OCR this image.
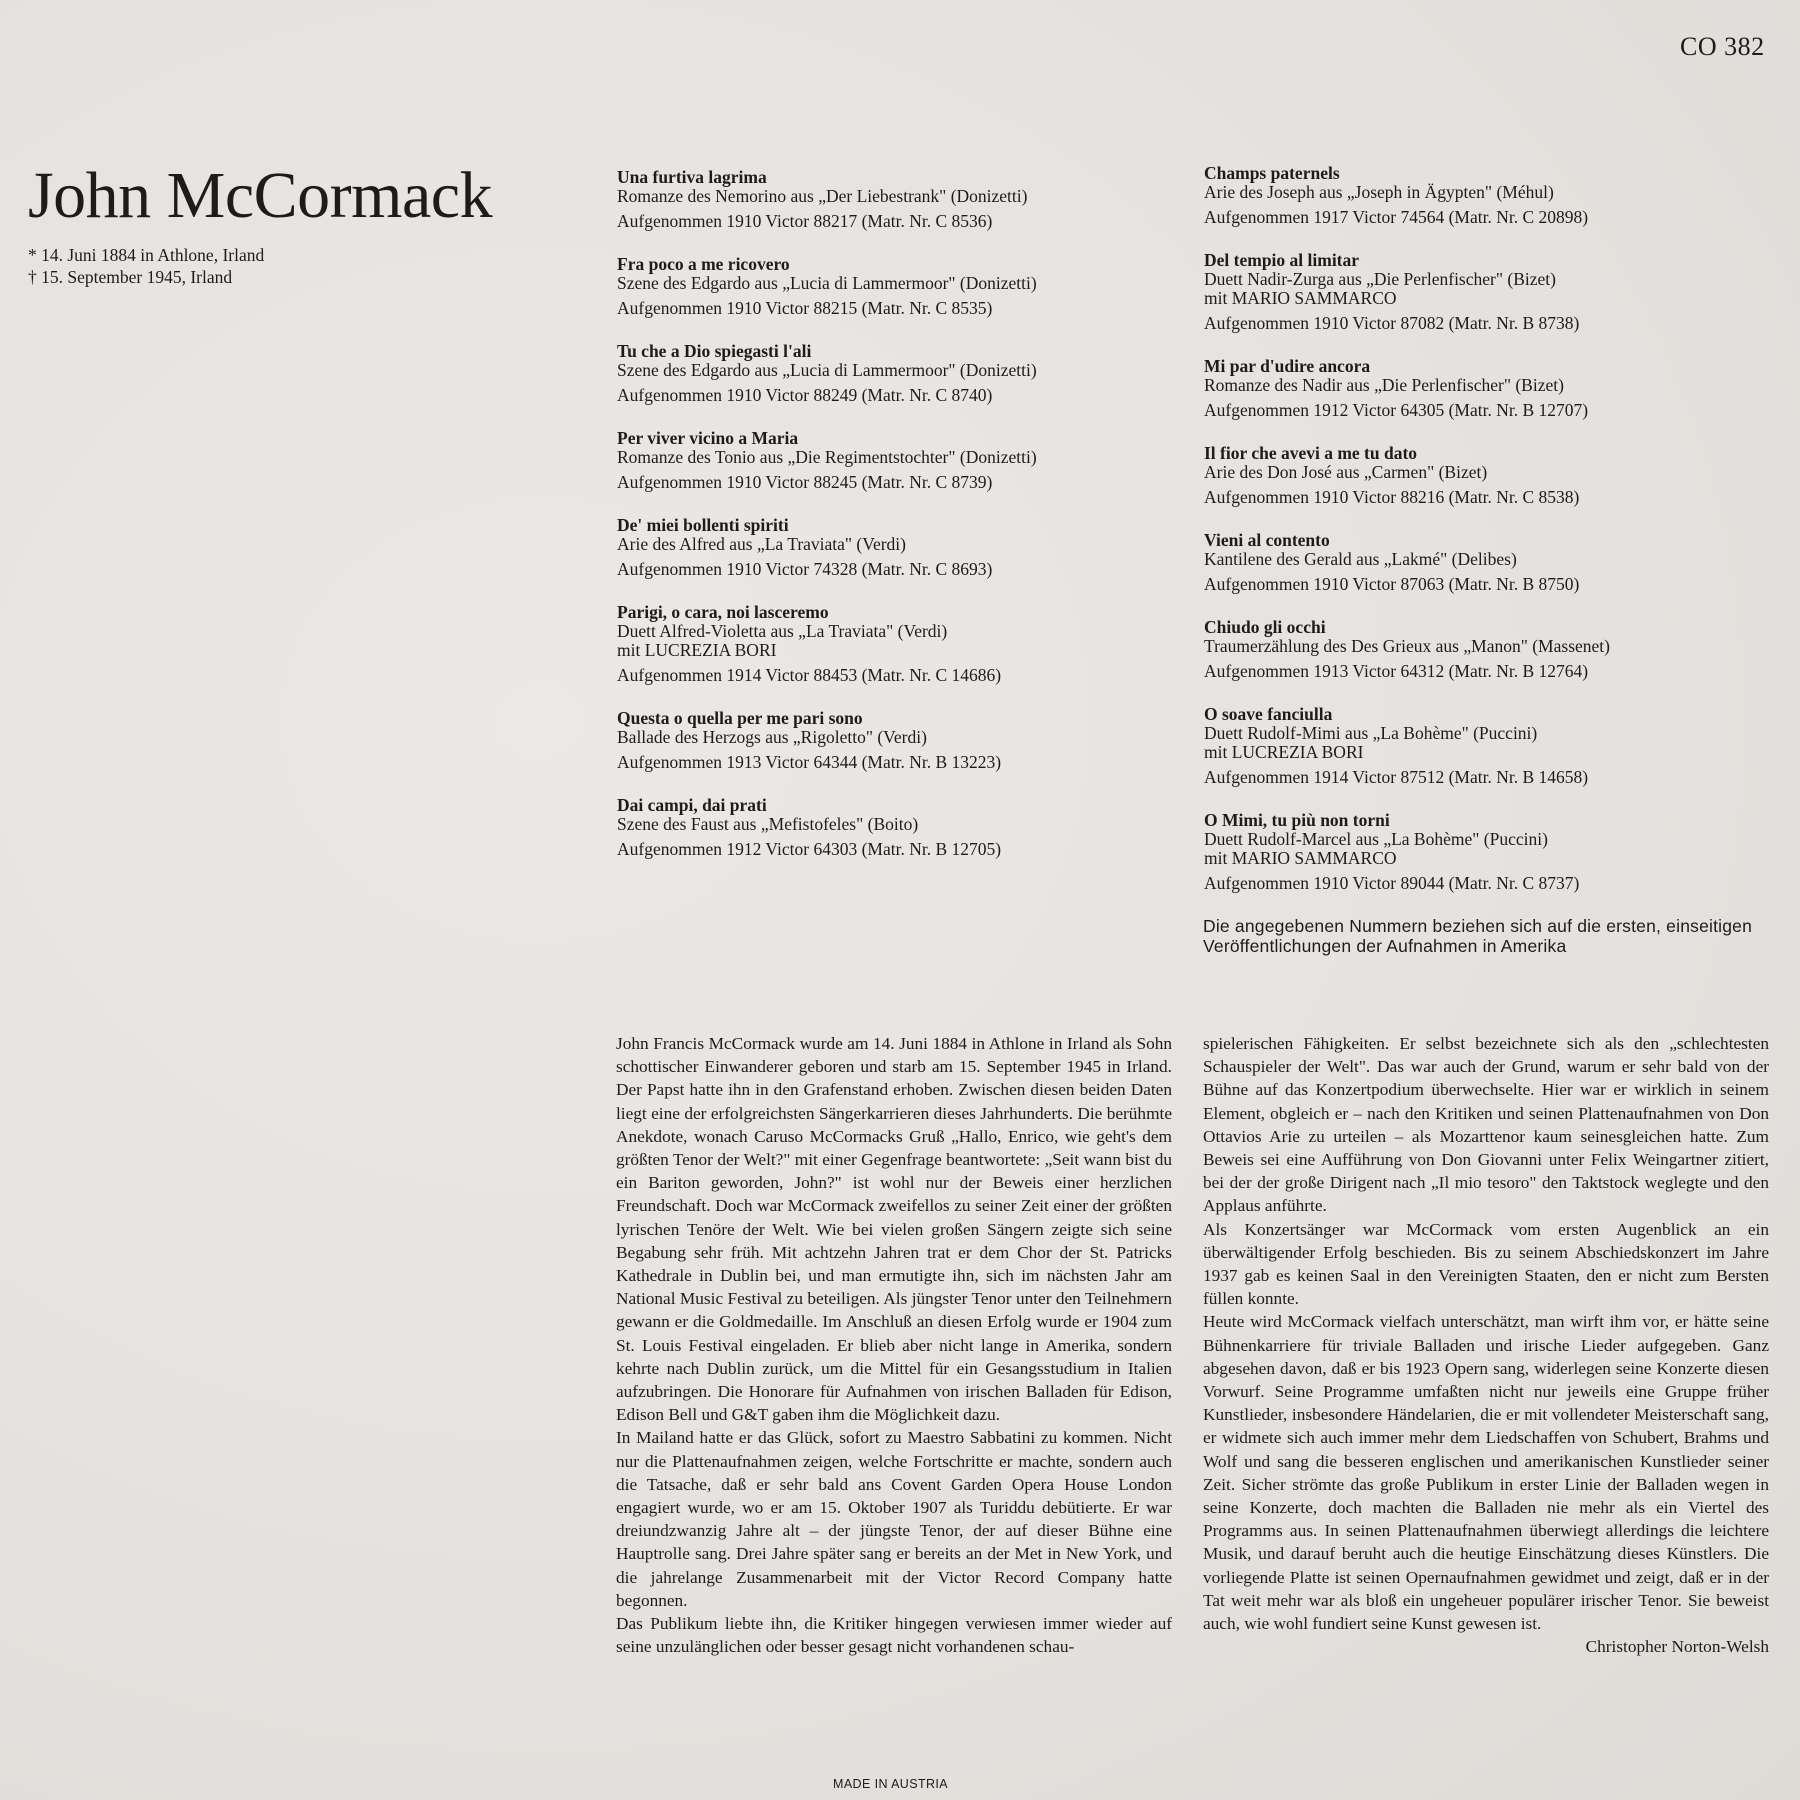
CO 382
John McCormack
* 14. Juni 1884 in Athlone, Irland
† 15. September 1945, Irland
Una furtiva lagrima
Romanze des Nemorino aus „Der Liebestrank" (Donizetti)
Aufgenommen 1910 Victor 88217 (Matr. Nr. C 8536)
Fra poco a me ricovero
Szene des Edgardo aus „Lucia di Lammermoor" (Donizetti)
Aufgenommen 1910 Victor 88215 (Matr. Nr. C 8535)
Tu che a Dio spiegasti l'ali
Szene des Edgardo aus „Lucia di Lammermoor" (Donizetti)
Aufgenommen 1910 Victor 88249 (Matr. Nr. C 8740)
Per viver vicino a Maria
Romanze des Tonio aus „Die Regimentstochter" (Donizetti)
Aufgenommen 1910 Victor 88245 (Matr. Nr. C 8739)
De' miei bollenti spiriti
Arie des Alfred aus „La Traviata" (Verdi)
Aufgenommen 1910 Victor 74328 (Matr. Nr. C 8693)
Parigi, o cara, noi lasceremo
Duett Alfred-Violetta aus „La Traviata" (Verdi)
mit LUCREZIA BORI
Aufgenommen 1914 Victor 88453 (Matr. Nr. C 14686)
Questa o quella per me pari sono
Ballade des Herzogs aus „Rigoletto" (Verdi)
Aufgenommen 1913 Victor 64344 (Matr. Nr. B 13223)
Dai campi, dai prati
Szene des Faust aus „Mefistofeles" (Boito)
Aufgenommen 1912 Victor 64303 (Matr. Nr. B 12705)
Champs paternels
Arie des Joseph aus „Joseph in Ägypten" (Méhul)
Aufgenommen 1917 Victor 74564 (Matr. Nr. C 20898)
Del tempio al limitar
Duett Nadir-Zurga aus „Die Perlenfischer" (Bizet)
mit MARIO SAMMARCO
Aufgenommen 1910 Victor 87082 (Matr. Nr. B 8738)
Mi par d'udire ancora
Romanze des Nadir aus „Die Perlenfischer" (Bizet)
Aufgenommen 1912 Victor 64305 (Matr. Nr. B 12707)
Il fior che avevi a me tu dato
Arie des Don José aus „Carmen" (Bizet)
Aufgenommen 1910 Victor 88216 (Matr. Nr. C 8538)
Vieni al contento
Kantilene des Gerald aus „Lakmé" (Delibes)
Aufgenommen 1910 Victor 87063 (Matr. Nr. B 8750)
Chiudo gli occhi
Traumerzählung des Des Grieux aus „Manon" (Massenet)
Aufgenommen 1913 Victor 64312 (Matr. Nr. B 12764)
O soave fanciulla
Duett Rudolf-Mimi aus „La Bohème" (Puccini)
mit LUCREZIA BORI
Aufgenommen 1914 Victor 87512 (Matr. Nr. B 14658)
O Mimi, tu più non torni
Duett Rudolf-Marcel aus „La Bohème" (Puccini)
mit MARIO SAMMARCO
Aufgenommen 1910 Victor 89044 (Matr. Nr. C 8737)
Die angegebenen Nummern beziehen sich auf die ersten, einseitigen Veröffentlichungen der Aufnahmen in Amerika

John Francis McCormack wurde am 14. Juni 1884 in Athlone in Irland als Sohn schottischer Einwanderer geboren und starb am 15. September 1945 in Irland. Der Papst hatte ihn in den Grafenstand erhoben. Zwischen diesen beiden Daten liegt eine der erfolgreichsten Sängerkarrieren dieses Jahrhunderts. Die berühmte Anekdote, wonach Caruso McCormacks Gruß „Hallo, Enrico, wie geht's dem größten Tenor der Welt?" mit einer Gegenfrage beantwortete: „Seit wann bist du ein Bariton geworden, John?" ist wohl nur der Beweis einer herzlichen Freundschaft. Doch war McCormack zweifellos zu seiner Zeit einer der größten lyrischen Tenöre der Welt. Wie bei vielen großen Sängern zeigte sich seine Begabung sehr früh. Mit achtzehn Jahren trat er dem Chor der St. Patricks Kathedrale in Dublin bei, und man ermutigte ihn, sich im nächsten Jahr am National Music Festival zu beteiligen. Als jüngster Tenor unter den Teilnehmern gewann er die Goldmedaille. Im Anschluß an diesen Erfolg wurde er 1904 zum St. Louis Festival eingeladen. Er blieb aber nicht lange in Amerika, sondern kehrte nach Dublin zurück, um die Mittel für ein Gesangsstudium in Italien aufzubringen. Die Honorare für Aufnahmen von irischen Balladen für Edison, Edison Bell und G&T gaben ihm die Möglichkeit dazu.

In Mailand hatte er das Glück, sofort zu Maestro Sabbatini zu kommen. Nicht nur die Plattenaufnahmen zeigen, welche Fortschritte er machte, sondern auch die Tatsache, daß er sehr bald ans Covent Garden Opera House London engagiert wurde, wo er am 15. Oktober 1907 als Turiddu debütierte. Er war dreiundzwanzig Jahre alt – der jüngste Tenor, der auf dieser Bühne eine Hauptrolle sang. Drei Jahre später sang er bereits an der Met in New York, und die jahrelange Zusammenarbeit mit der Victor Record Company hatte begonnen.

Das Publikum liebte ihn, die Kritiker hingegen verwiesen immer wieder auf seine unzulänglichen oder besser gesagt nicht vorhandenen schau-

spielerischen Fähigkeiten. Er selbst bezeichnete sich als den „schlechtesten Schauspieler der Welt". Das war auch der Grund, warum er sehr bald von der Bühne auf das Konzertpodium überwechselte. Hier war er wirklich in seinem Element, obgleich er – nach den Kritiken und seinen Plattenaufnahmen von Don Ottavios Arie zu urteilen – als Mozarttenor kaum seinesgleichen hatte. Zum Beweis sei eine Aufführung von Don Giovanni unter Felix Weingartner zitiert, bei der der große Dirigent nach „Il mio tesoro" den Taktstock weglegte und den Applaus anführte.

Als Konzertsänger war McCormack vom ersten Augenblick an ein überwältigender Erfolg beschieden. Bis zu seinem Abschiedskonzert im Jahre 1937 gab es keinen Saal in den Vereinigten Staaten, den er nicht zum Bersten füllen konnte.

Heute wird McCormack vielfach unterschätzt, man wirft ihm vor, er hätte seine Bühnenkarriere für triviale Balladen und irische Lieder aufgegeben. Ganz abgesehen davon, daß er bis 1923 Opern sang, widerlegen seine Konzerte diesen Vorwurf. Seine Programme umfaßten nicht nur jeweils eine Gruppe früher Kunstlieder, insbesondere Händelarien, die er mit vollendeter Meisterschaft sang, er widmete sich auch immer mehr dem Liedschaffen von Schubert, Brahms und Wolf und sang die besseren englischen und amerikanischen Kunstlieder seiner Zeit. Sicher strömte das große Publikum in erster Linie der Balladen wegen in seine Konzerte, doch machten die Balladen nie mehr als ein Viertel des Programms aus. In seinen Plattenaufnahmen überwiegt allerdings die leichtere Musik, und darauf beruht auch die heutige Einschätzung dieses Künstlers. Die vorliegende Platte ist seinen Opernaufnahmen gewidmet und zeigt, daß er in der Tat weit mehr war als bloß ein ungeheuer populärer irischer Tenor. Sie beweist auch, wie wohl fundiert seine Kunst gewesen ist.

Christopher Norton-Welsh

MADE IN AUSTRIA
